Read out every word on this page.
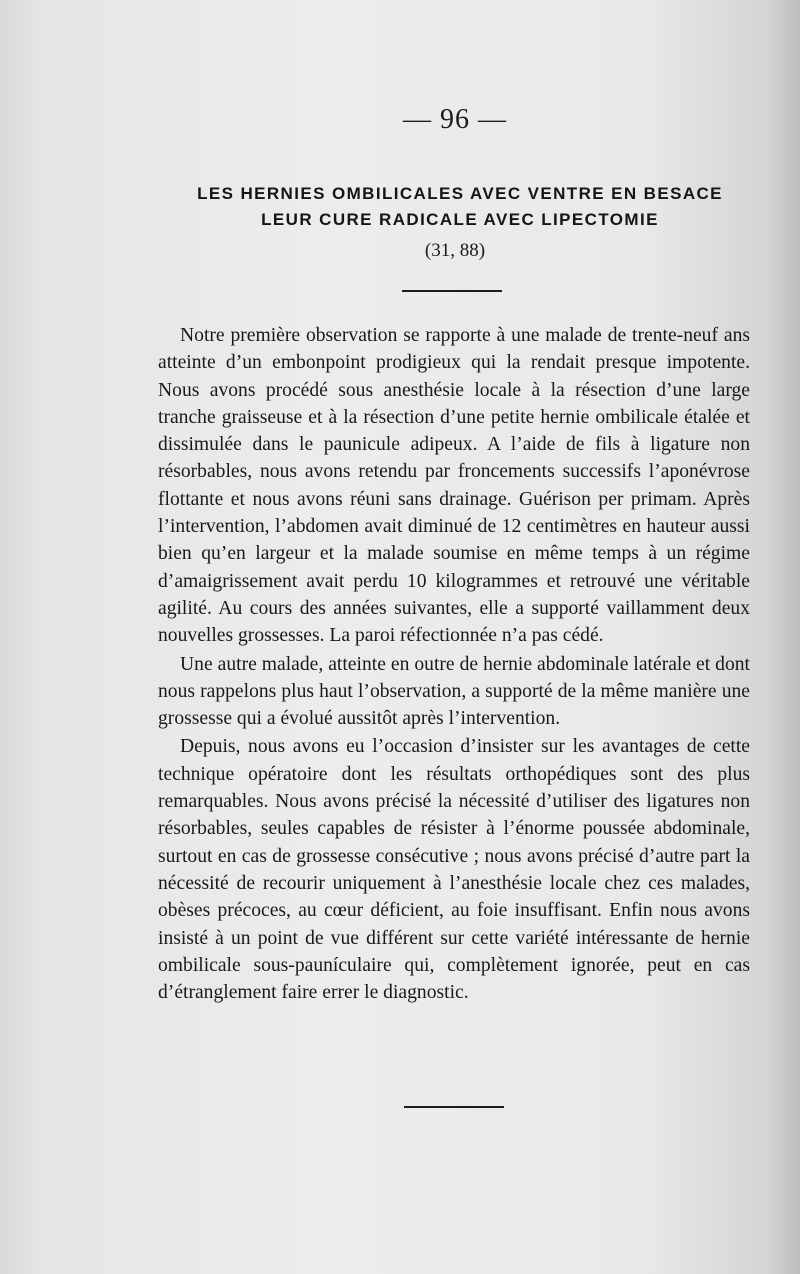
— 96 —
LES HERNIES OMBILICALES AVEC VENTRE EN BESACE
LEUR CURE RADICALE AVEC LIPECTOMIE
(31, 88)

Notre première observation se rapporte à une malade de trente-neuf ans atteinte d’un embonpoint prodigieux qui la rendait presque impotente. Nous avons procédé sous anesthésie locale à la résection d’une large tranche graisseuse et à la résection d’une petite hernie ombilicale étalée et dissimulée dans le paunicule adipeux. A l’aide de fils à ligature non résorbables, nous avons retendu par froncements successifs l’aponévrose flottante et nous avons réuni sans drainage. Guérison per primam. Après l’intervention, l’abdomen avait diminué de 12 centimètres en hauteur aussi bien qu’en largeur et la malade soumise en même temps à un régime d’amaigrissement avait perdu 10 kilogrammes et retrouvé une véritable agilité. Au cours des années suivantes, elle a supporté vaillamment deux nouvelles grossesses. La paroi réfectionnée n’a pas cédé.

Une autre malade, atteinte en outre de hernie abdominale latérale et dont nous rappelons plus haut l’observation, a supporté de la même manière une grossesse qui a évolué aussitôt après l’intervention.

Depuis, nous avons eu l’occasion d’insister sur les avantages de cette technique opératoire dont les résultats orthopédiques sont des plus remarquables. Nous avons précisé la nécessité d’utiliser des ligatures non résorbables, seules capables de résister à l’énorme poussée abdominale, surtout en cas de grossesse consécutive ; nous avons précisé d’autre part la nécessité de recourir uniquement à l’anesthésie locale chez ces malades, obèses précoces, au cœur déficient, au foie insuffisant. Enfin nous avons insisté à un point de vue différent sur cette variété intéressante de hernie ombilicale sous-paunículaire qui, complètement ignorée, peut en cas d’étranglement faire errer le diagnostic.
